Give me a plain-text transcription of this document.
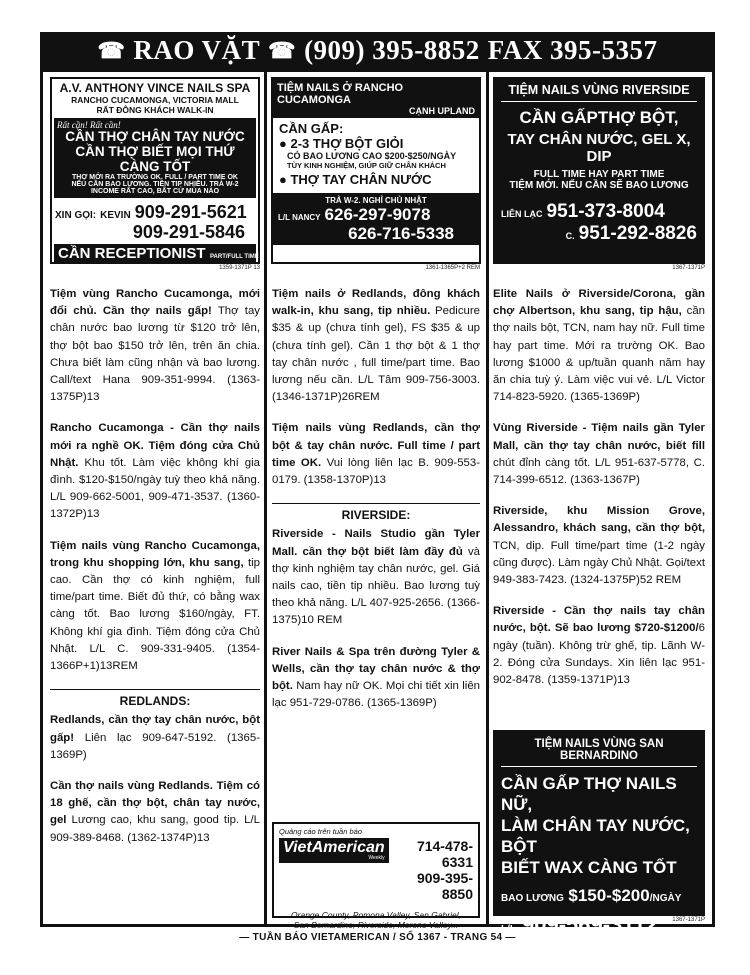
☎ RAO VẶT ☎ (909) 395-8852 FAX 395-5357
A.V. ANTHONY VINCE NAILS SPA
RANCHO CUCAMONGA, VICTORIA MALL
RẤT ĐÔNG KHÁCH WALK-IN
Rất cần! Rất cần!
CẦN THỢ CHÂN TAY NƯỚC
CẦN THỢ BIẾT MỌI THỨ CÀNG TỐT
THỢ MỚI RA TRƯỜNG OK. FULL / PART TIME OK
NẾU CẦN BAO LƯƠNG. TIỀN TIP NHIỀU. TRẢ W-2
INCOME RẤT CAO, BẤT CỨ MÙA NÀO
XIN GỌI: KEVIN 909-291-5621
909-291-5846
CẦN RECEPTIONIST PART/FULL TIME
1359-1371P 13
TIỆM NAILS Ở RANCHO CUCAMONGA
CẠNH UPLAND
CẦN GẤP:
● 2-3 THỢ BỘT GIỎI
CÓ BAO LƯƠNG CAO $200-$250/NGÀY
TÙY KINH NGHIỆM, GIÚP GIỮ CHÂN KHÁCH
● THỢ TAY CHÂN NƯỚC
TRẢ W-2. NGHỈ CHỦ NHẬT
L/L NANCY 626-297-9078
626-716-5338
1361-1365P+2 REM
TIỆM NAILS VÙNG RIVERSIDE
CẦN GẤPTHỢ BỘT,
TAY CHÂN NƯỚC, GEL X, DIP
FULL TIME HAY PART TIME
TIỆM MỚI. NẾU CẦN SẼ BAO LƯƠNG
LIÊN LẠC 951-373-8004
C. 951-292-8826
1367-1371P

Tiệm vùng Rancho Cucamonga, mới đổi chủ. Cần thợ nails gấp! Thợ tay chân nước bao lương từ $120 trở lên, thợ bột bao $150 trở lên, trên ăn chia. Chưa biết làm cũng nhận và bao lương. Call/text Hana 909-351-9994. (1363-1375P)13

Rancho Cucamonga - Cần thợ nails mới ra nghề OK. Tiệm đóng cửa Chủ Nhật. Khu tốt. Làm việc không khí gia đình. $120-$150/ngày tuỳ theo khả năng. L/L 909-662-5001, 909-471-3537. (1360-1372P)13

Tiệm nails vùng Rancho Cucamonga, trong khu shopping lớn, khu sang, tip cao. Cần thợ có kinh nghiệm, full time/part time. Biết đủ thứ, có bằng wax càng tốt. Bao lương $160/ngày, FT. Không khí gia đình. Tiệm đóng cửa Chủ Nhật. L/L C. 909-331-9405. (1354-1366P+1)13REM

REDLANDS:

Redlands, cần thợ tay chân nước, bột gấp! Liên lạc 909-647-5192. (1365-1369P)

Cần thợ nails vùng Redlands. Tiệm có 18 ghế, cần thợ bột, chân tay nước, gel Lương cao, khu sang, good tip. L/L 909-389-8468. (1362-1374P)13

Tiệm nails ở Redlands, đông khách walk-in, khu sang, tip nhiều. Pedicure $35 & up (chưa tính gel), FS $35 & up (chưa tính gel). Cần 1 thợ bột & 1 thợ tay chân nước , full time/part time. Bao lương nếu cần. L/L Tâm 909-756-3003. (1346-1371P)26REM

Tiệm nails vùng Redlands, cần thợ bột & tay chân nước. Full time / part time OK. Vui lòng liên lạc B. 909-553-0179. (1358-1370P)13

RIVERSIDE:

Riverside - Nails Studio gần Tyler Mall. cần thợ bột biết làm đầy đủ và thợ kinh nghiệm tay chân nước, gel. Giá nails cao, tiền tip nhiều. Bao lương tuỳ theo khả năng. L/L 407-925-2656. (1366-1375)10 REM

River Nails & Spa trên đường Tyler & Wells, cần thợ tay chân nước & thợ bột. Nam hay nữ OK. Mọi chi tiết xin liên lạc 951-729-0786. (1365-1369P)

Quảng cáo trên tuần báo
VietAmerican
Weekly
714-478-6331
909-395-8850
Orange County, Pomona Valley, San Gabriel,
San Bernardino, Riverside, Moreno Valley...

Elite Nails ở Riverside/Corona, gần chợ Albertson, khu sang, tip hậu, cần thợ nails bột, TCN, nam hay nữ. Full time hay part time. Mới ra trường OK. Bao lương $1000 & up/tuần quanh năm hay ăn chia tuỳ ý. Làm việc vui vẻ. L/L Victor 714-823-5920. (1365-1369P)

Vùng Riverside - Tiệm nails gần Tyler Mall, cần thợ tay chân nước, biết fill chút đỉnh càng tốt. L/L 951-637-5778, C. 714-399-6512. (1363-1367P)

Riverside, khu Mission Grove, Alessandro, khách sang, cần thợ bột, TCN, dip. Full time/part time (1-2 ngày cũng được). Làm ngày Chủ Nhật. Gọi/text 949-383-7423. (1324-1375P)52 REM

Riverside - Cần thợ nails tay chân nước, bột. Sẽ bao lương $720-$1200/6 ngày (tuần). Không trừ ghế, tip. Lãnh W-2. Đóng cửa Sundays. Xin liên lạc 951-902-8478. (1359-1371P)13

TIỆM NAILS VÙNG SAN BERNARDINO
CẦN GẤP THỢ NAILS NỮ,
LÀM CHÂN TAY NƯỚC, BỘT
BIẾT WAX CÀNG TỐT
BAO LƯƠNG $150-$200/NGÀY
L/L 909-569-3112	1367-1371P
— TUẦN BÁO VIETAMERICAN / SỐ 1367 - TRANG 54 —
